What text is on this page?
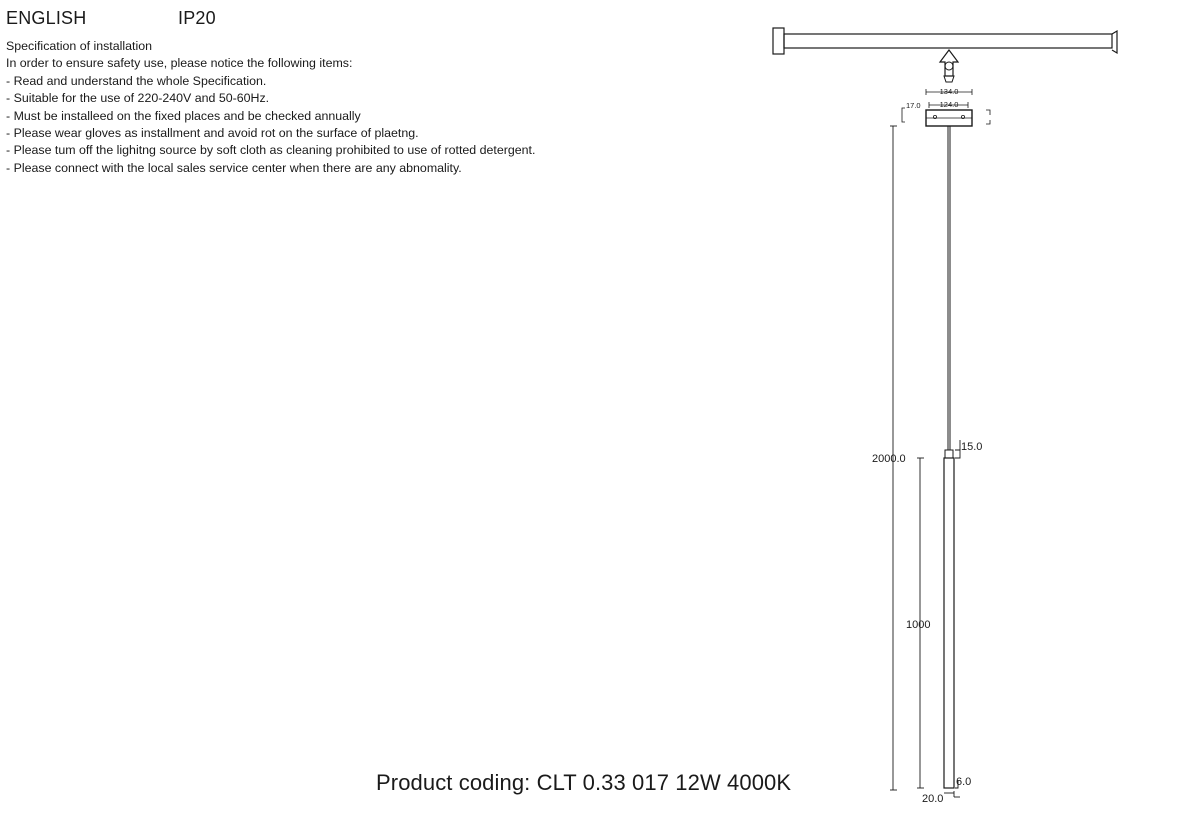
ENGLISH	IP20
Specification of installation
In order to ensure safety use, please notice the following items:
- Read and understand the whole Specification.
- Suitable for the use of 220-240V and 50-60Hz.
- Must be installeed on the fixed places and be checked annually
- Please wear gloves as installment and avoid rot on the surface of plaetng.
- Please tum off the lighitng source by soft cloth as cleaning prohibited to use of rotted detergent.
- Please connect with the local sales service center when there are any abnomality.
134.0
124.0
17.0
2000.0
1000
15.0
6.0
20.0
Product coding: CLT 0.33 017 12W 4000K
